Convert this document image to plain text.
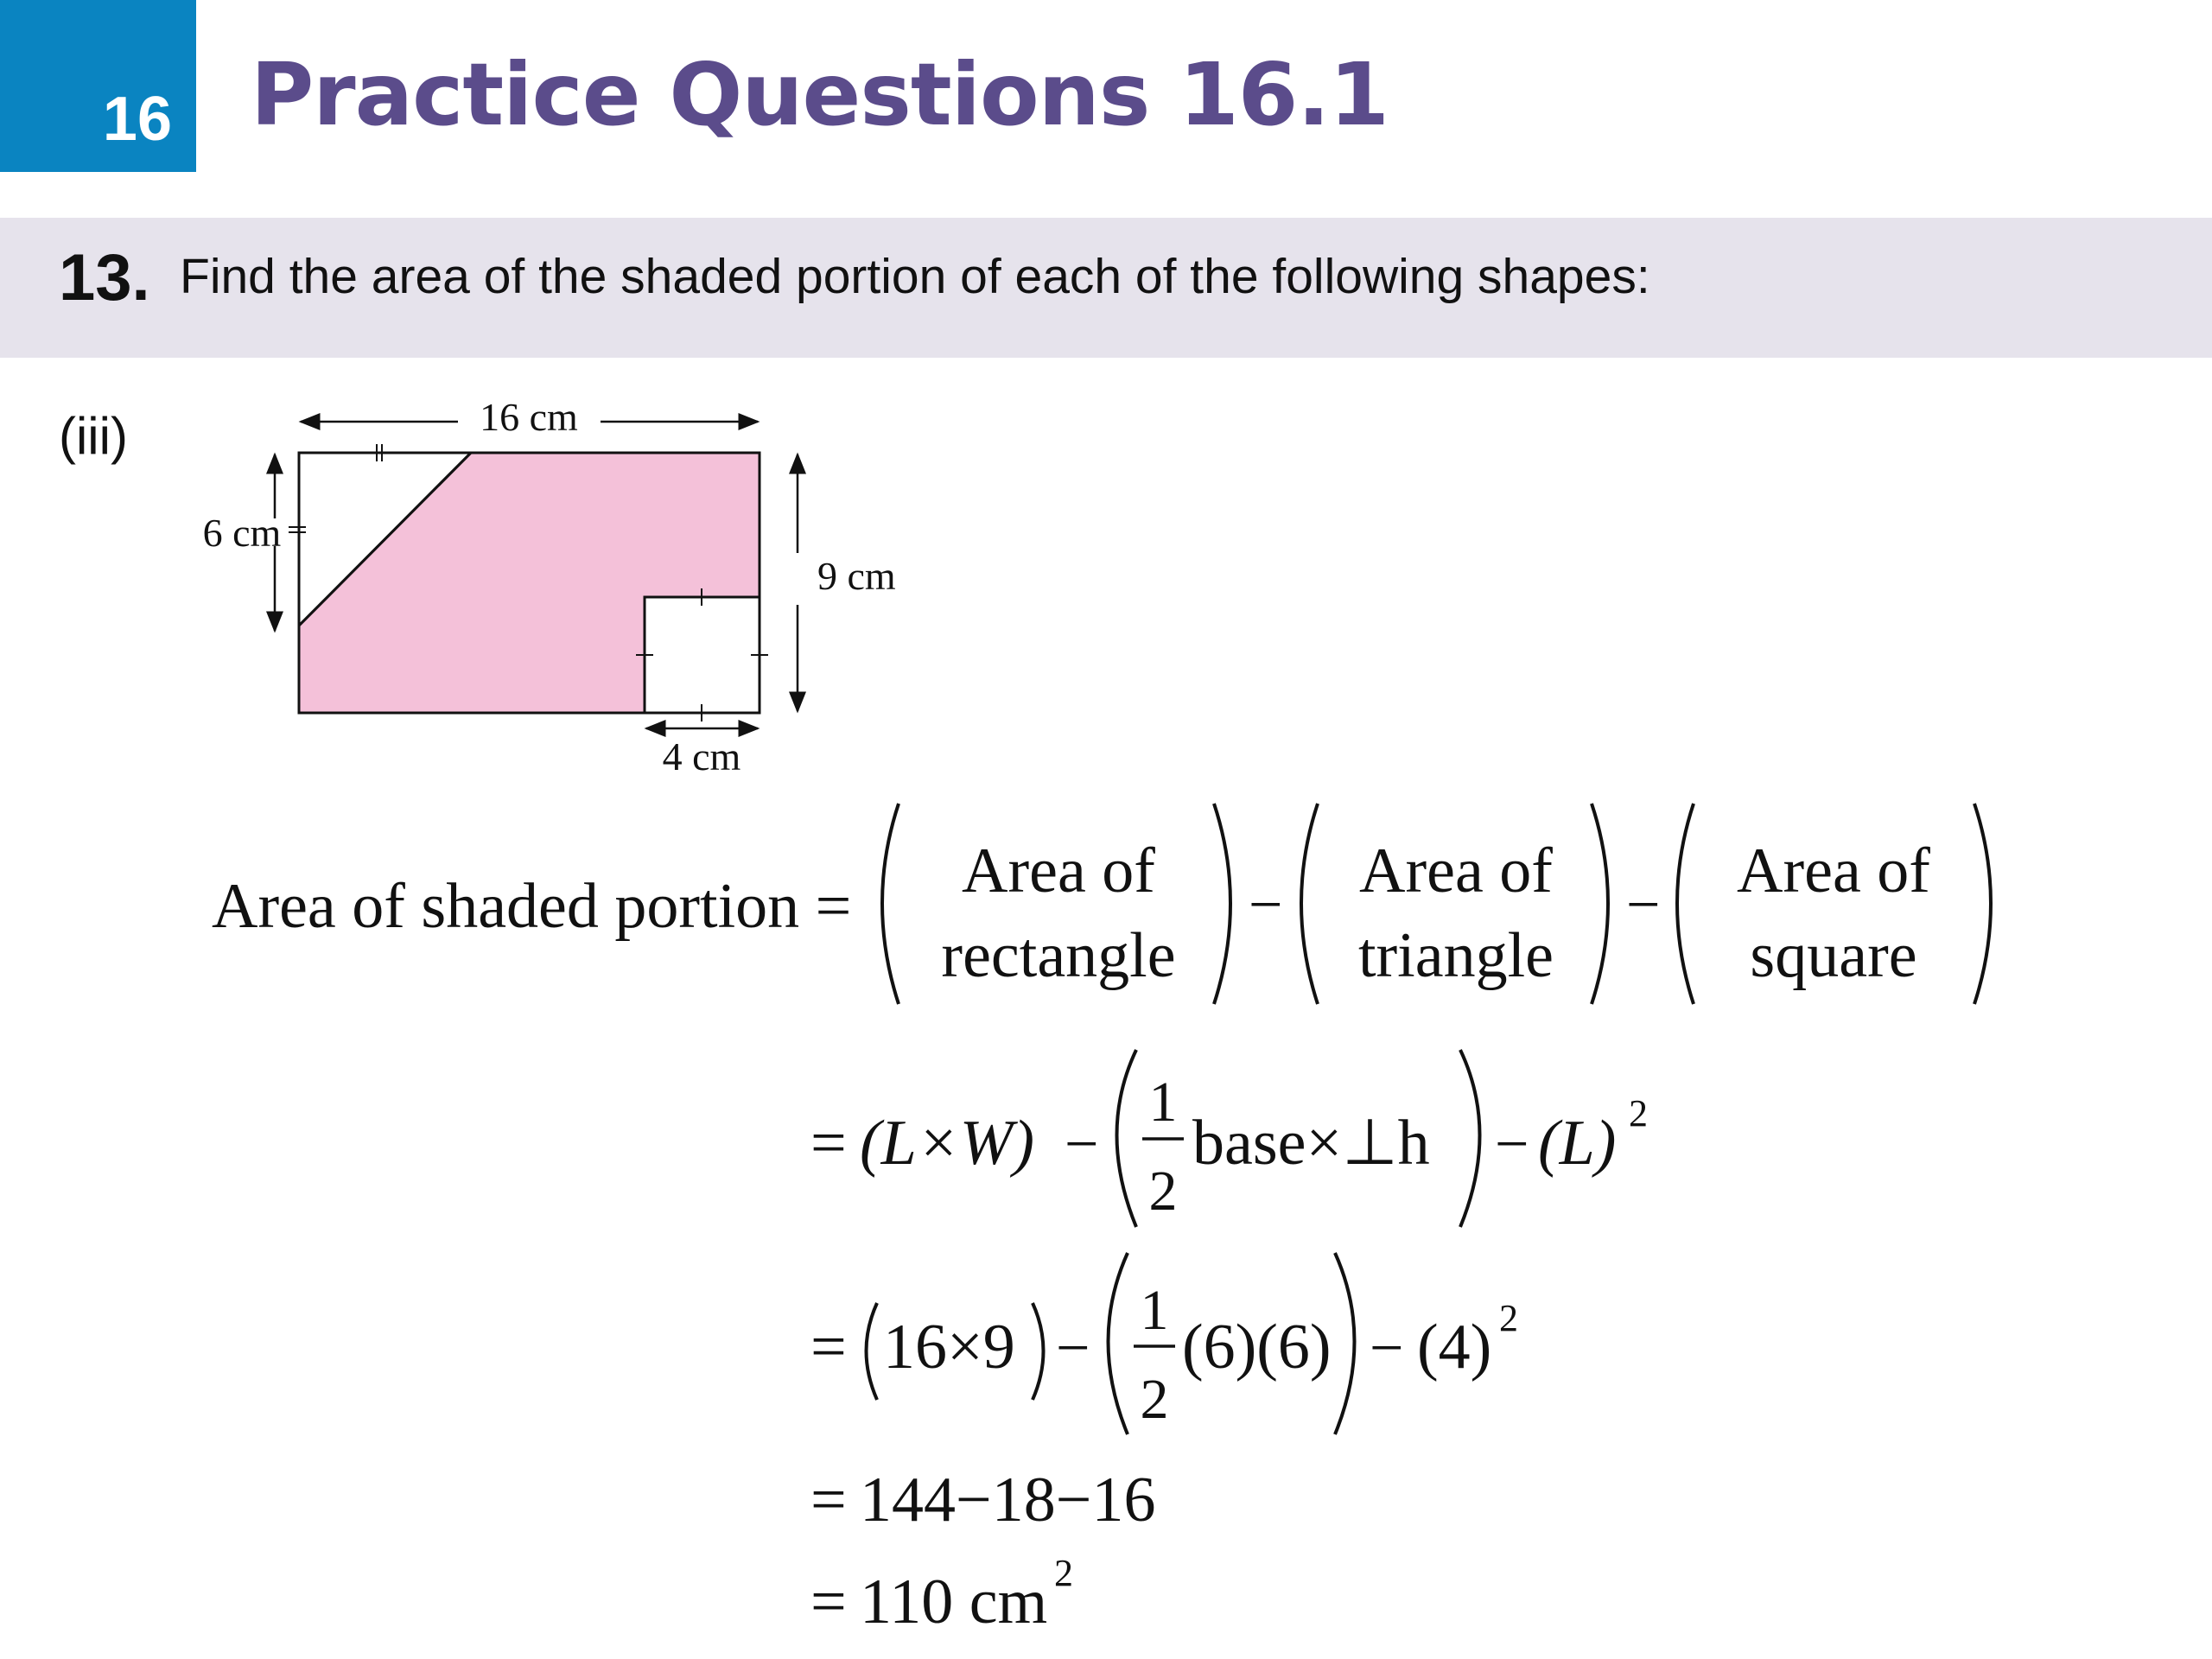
16 Practice Questions 16.1
13. Find the area of the shaded portion of each of the following shapes:
(iii)	16 cm
6 cm
9 cm
4 cm
Area of shaded portion = Area of
rectangle
− Area of
triangle
− Area of
square
= (L×W) −
1
2
base×⊥h − (L) 2
= 16×9 −
1
2
(6)(6) − (4) 2
= 144−18−16
= 110 cm 2
